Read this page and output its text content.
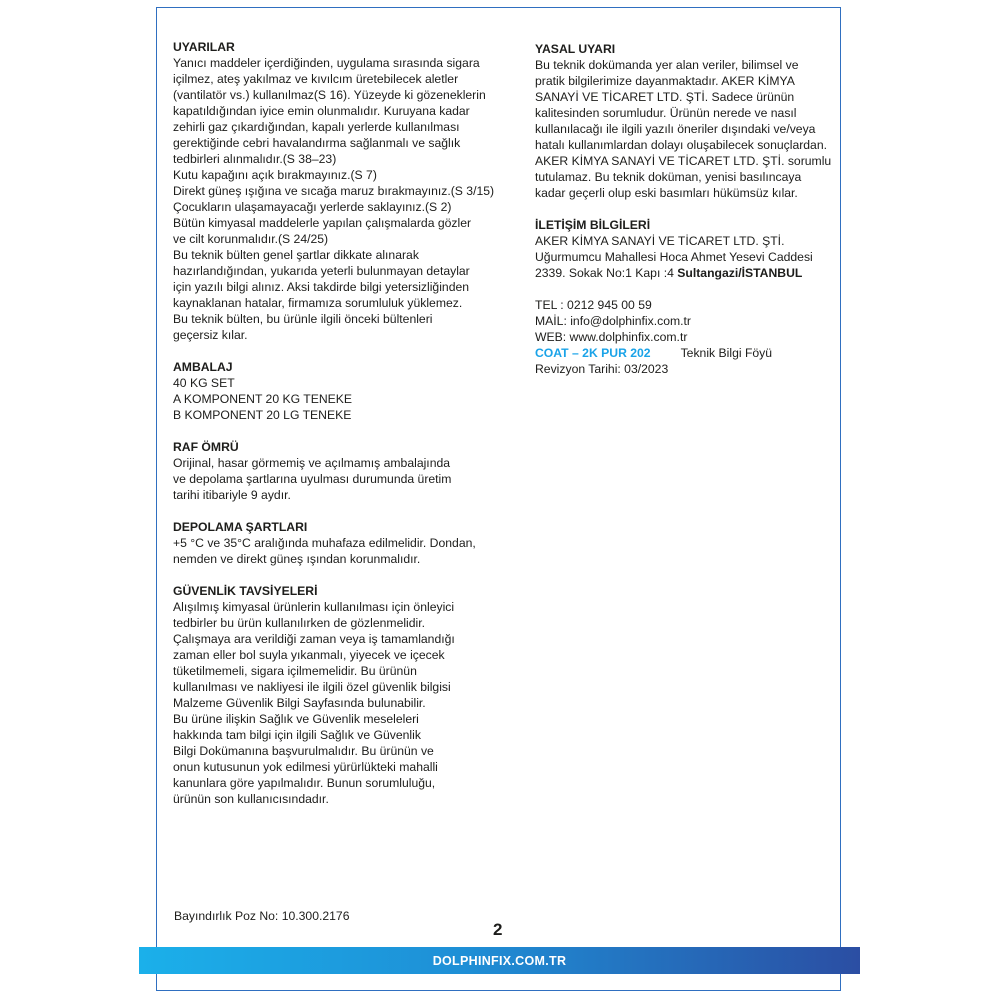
UYARILAR
Yanıcı maddeler içerdiğinden, uygulama sırasında sigara
içilmez, ateş yakılmaz ve kıvılcım üretebilecek aletler
(vantilatör vs.) kullanılmaz(S 16). Yüzeyde ki gözeneklerin
kapatıldığından iyice emin olunmalıdır. Kuruyana kadar
zehirli gaz çıkardığından, kapalı yerlerde kullanılması
gerektiğinde cebri havalandırma sağlanmalı ve sağlık
tedbirleri alınmalıdır.(S 38–23)
Kutu kapağını açık bırakmayınız.(S 7)
Direkt güneş ışığına ve sıcağa maruz bırakmayınız.(S 3/15)
Çocukların ulaşamayacağı yerlerde saklayınız.(S 2)
Bütün kimyasal maddelerle yapılan çalışmalarda gözler
ve cilt korunmalıdır.(S 24/25)
Bu teknik bülten genel şartlar dikkate alınarak
hazırlandığından, yukarıda yeterli bulunmayan detaylar
için yazılı bilgi alınız. Aksi takdirde bilgi yetersizliğinden
kaynaklanan hatalar, firmamıza sorumluluk yüklemez.
Bu teknik bülten, bu ürünle ilgili önceki bültenleri
geçersiz kılar.
AMBALAJ
40 KG SET
A KOMPONENT 20 KG TENEKE
B KOMPONENT 20 LG TENEKE
RAF ÖMRÜ
Orijinal, hasar görmemiş ve açılmamış ambalajında
ve depolama şartlarına uyulması durumunda üretim
tarihi itibariyle 9 aydır.
DEPOLAMA ŞARTLARI
+5 °C ve 35°C aralığında muhafaza edilmelidir. Dondan,
nemden ve direkt güneş ışından korunmalıdır.
GÜVENLİK TAVSİYELERİ
Alışılmış kimyasal ürünlerin kullanılması için önleyici
tedbirler bu ürün kullanılırken de gözlenmelidir.
Çalışmaya ara verildiği zaman veya iş tamamlandığı
zaman eller bol suyla yıkanmalı, yiyecek ve içecek
tüketilmemeli, sigara içilmemelidir. Bu ürünün
kullanılması ve nakliyesi ile ilgili özel güvenlik bilgisi
Malzeme Güvenlik Bilgi Sayfasında bulunabilir.
Bu ürüne ilişkin Sağlık ve Güvenlik meseleleri
hakkında tam bilgi için ilgili Sağlık ve Güvenlik
Bilgi Dokümanına başvurulmalıdır. Bu ürünün ve
onun kutusunun yok edilmesi yürürlükteki mahalli
kanunlara göre yapılmalıdır. Bunun sorumluluğu,
ürünün son kullanıcısındadır.
YASAL UYARI
Bu teknik dokümanda yer alan veriler, bilimsel ve
pratik bilgilerimize dayanmaktadır. AKER KİMYA
SANAYİ VE TİCARET LTD. ŞTİ. Sadece ürünün
kalitesinden sorumludur. Ürünün nerede ve nasıl
kullanılacağı ile ilgili yazılı öneriler dışındaki ve/veya
hatalı kullanımlardan dolayı oluşabilecek sonuçlardan.
AKER KİMYA SANAYİ VE TİCARET LTD. ŞTİ. sorumlu
tutulamaz. Bu teknik doküman, yenisi basılıncaya
kadar geçerli olup eski basımları hükümsüz kılar.
İLETİŞİM BİLGİLERİ
AKER KİMYA SANAYİ VE TİCARET LTD. ŞTİ.
Uğurmumcu Mahallesi Hoca Ahmet Yesevi Caddesi
2339. Sokak No:1 Kapı :4 Sultangazi/İSTANBUL
TEL : 0212 945 00 59
MAİL: info@dolphinfix.com.tr
WEB: www.dolphinfix.com.tr
COAT – 2K PUR 202 Teknik Bilgi Föyü
Revizyon Tarihi: 03/2023
Bayındırlık Poz No: 10.300.2176
2
DOLPHINFIX.COM.TR
